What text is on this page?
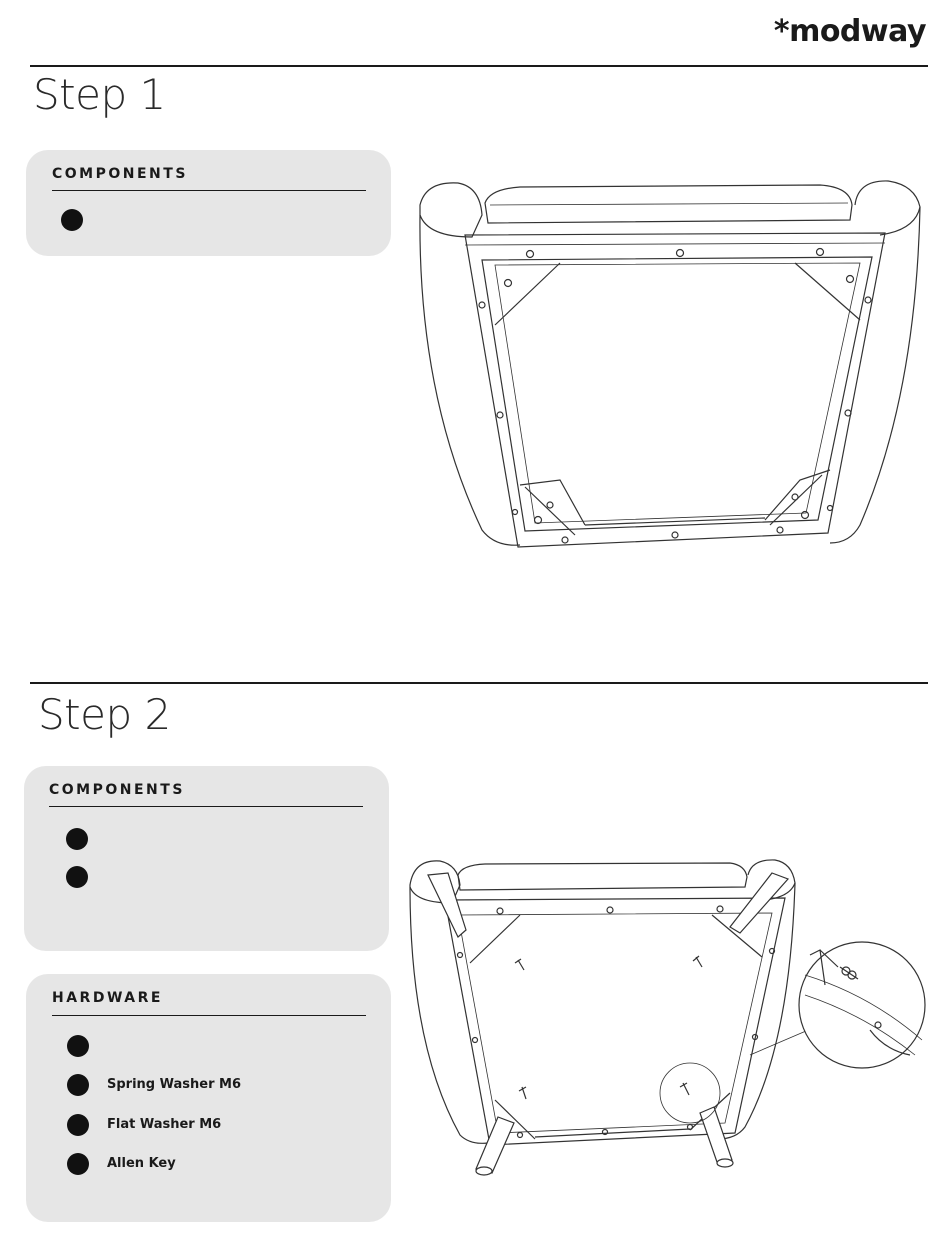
*modway
Step 1
COMPONENTS
Step 2
COMPONENTS
HARDWARE
Spring Washer M6
Flat Washer M6
Allen Key
